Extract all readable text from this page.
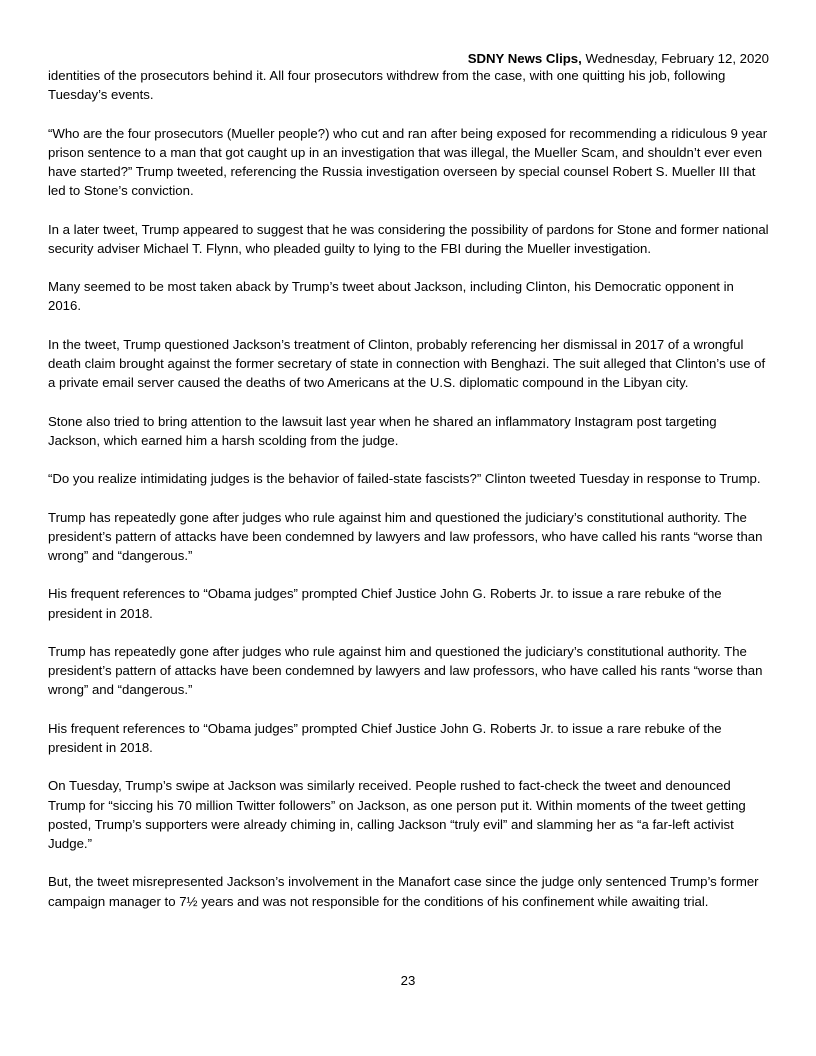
SDNY News Clips, Wednesday, February 12, 2020

identities of the prosecutors behind it. All four prosecutors withdrew from the case, with one quitting his job, following Tuesday’s events.

“Who are the four prosecutors (Mueller people?) who cut and ran after being exposed for recommending a ridiculous 9 year prison sentence to a man that got caught up in an investigation that was illegal, the Mueller Scam, and shouldn’t ever even have started?” Trump tweeted, referencing the Russia investigation overseen by special counsel Robert S. Mueller III that led to Stone’s conviction.

In a later tweet, Trump appeared to suggest that he was considering the possibility of pardons for Stone and former national security adviser Michael T. Flynn, who pleaded guilty to lying to the FBI during the Mueller investigation.

Many seemed to be most taken aback by Trump’s tweet about Jackson, including Clinton, his Democratic opponent in 2016.

In the tweet, Trump questioned Jackson’s treatment of Clinton, probably referencing her dismissal in 2017 of a wrongful death claim brought against the former secretary of state in connection with Benghazi. The suit alleged that Clinton’s use of a private email server caused the deaths of two Americans at the U.S. diplomatic compound in the Libyan city.

Stone also tried to bring attention to the lawsuit last year when he shared an inflammatory Instagram post targeting Jackson, which earned him a harsh scolding from the judge.

“Do you realize intimidating judges is the behavior of failed-state fascists?” Clinton tweeted Tuesday in response to Trump.

Trump has repeatedly gone after judges who rule against him and questioned the judiciary’s constitutional authority. The president’s pattern of attacks have been condemned by lawyers and law professors, who have called his rants “worse than wrong” and “dangerous.”

His frequent references to “Obama judges” prompted Chief Justice John G. Roberts Jr. to issue a rare rebuke of the president in 2018.

Trump has repeatedly gone after judges who rule against him and questioned the judiciary’s constitutional authority. The president’s pattern of attacks have been condemned by lawyers and law professors, who have called his rants “worse than wrong” and “dangerous.”

His frequent references to “Obama judges” prompted Chief Justice John G. Roberts Jr. to issue a rare rebuke of the president in 2018.

On Tuesday, Trump’s swipe at Jackson was similarly received. People rushed to fact-check the tweet and denounced Trump for “siccing his 70 million Twitter followers” on Jackson, as one person put it. Within moments of the tweet getting posted, Trump’s supporters were already chiming in, calling Jackson “truly evil” and slamming her as “a far-left activist Judge.”

But, the tweet misrepresented Jackson’s involvement in the Manafort case since the judge only sentenced Trump’s former campaign manager to 7½ years and was not responsible for the conditions of his confinement while awaiting trial.

23
